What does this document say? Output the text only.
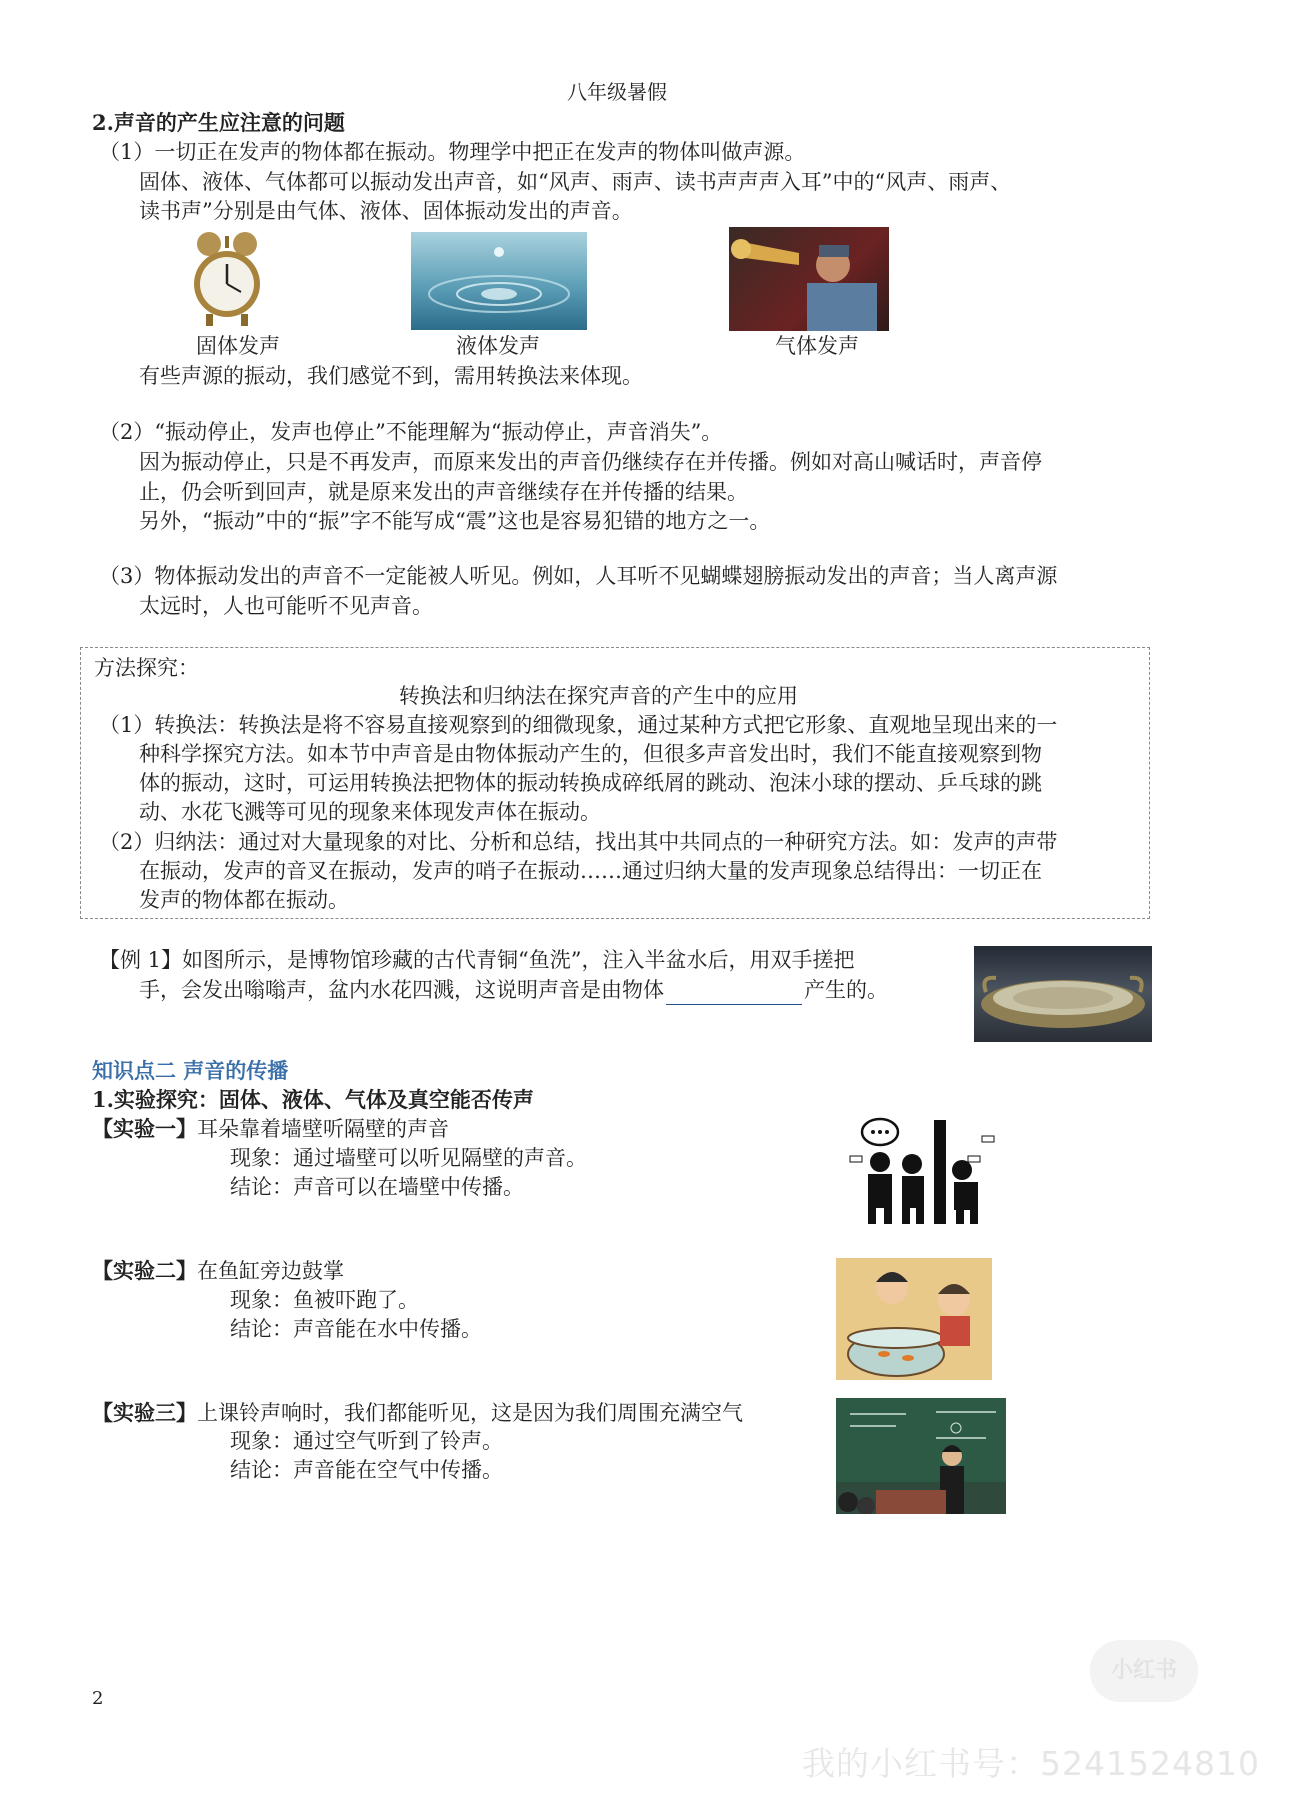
八年级暑假
2.声音的产生应注意的问题
（1）一切正在发声的物体都在振动。物理学中把正在发声的物体叫做声源。
固体、液体、气体都可以振动发出声音，如“风声、雨声、读书声声声入耳”中的“风声、雨声、
读书声”分别是由气体、液体、固体振动发出的声音。
固体发声	液体发声	气体发声
有些声源的振动，我们感觉不到，需用转换法来体现。
（2）“振动停止，发声也停止”不能理解为“振动停止，声音消失”。
因为振动停止，只是不再发声，而原来发出的声音仍继续存在并传播。例如对高山喊话时，声音停
止，仍会听到回声，就是原来发出的声音继续存在并传播的结果。
另外，“振动”中的“振”字不能写成“震”这也是容易犯错的地方之一。
（3）物体振动发出的声音不一定能被人听见。例如，人耳听不见蝴蝶翅膀振动发出的声音；当人离声源
太远时，人也可能听不见声音。
方法探究：
转换法和归纳法在探究声音的产生中的应用
（1）转换法：转换法是将不容易直接观察到的细微现象，通过某种方式把它形象、直观地呈现出来的一
种科学探究方法。如本节中声音是由物体振动产生的，但很多声音发出时，我们不能直接观察到物
体的振动，这时，可运用转换法把物体的振动转换成碎纸屑的跳动、泡沫小球的摆动、乒乓球的跳
动、水花飞溅等可见的现象来体现发声体在振动。
（2）归纳法：通过对大量现象的对比、分析和总结，找出其中共同点的一种研究方法。如：发声的声带
在振动，发声的音叉在振动，发声的哨子在振动……通过归纳大量的发声现象总结得出：一切正在
发声的物体都在振动。
【例 1】如图所示，是博物馆珍藏的古代青铜“鱼洗”，注入半盆水后，用双手搓把
手，会发出嗡嗡声，盆内水花四溅，这说明声音是由物体	产生的。
知识点二 声音的传播
1.实验探究：固体、液体、气体及真空能否传声
【实验一】耳朵靠着墙壁听隔壁的声音
现象：通过墙壁可以听见隔壁的声音。
结论：声音可以在墙壁中传播。
【实验二】在鱼缸旁边鼓掌
现象：鱼被吓跑了。
结论：声音能在水中传播。
【实验三】上课铃声响时，我们都能听见，这是因为我们周围充满空气
现象：通过空气听到了铃声。
结论：声音能在空气中传播。
2
小红书
我的小红书号：5241524810
